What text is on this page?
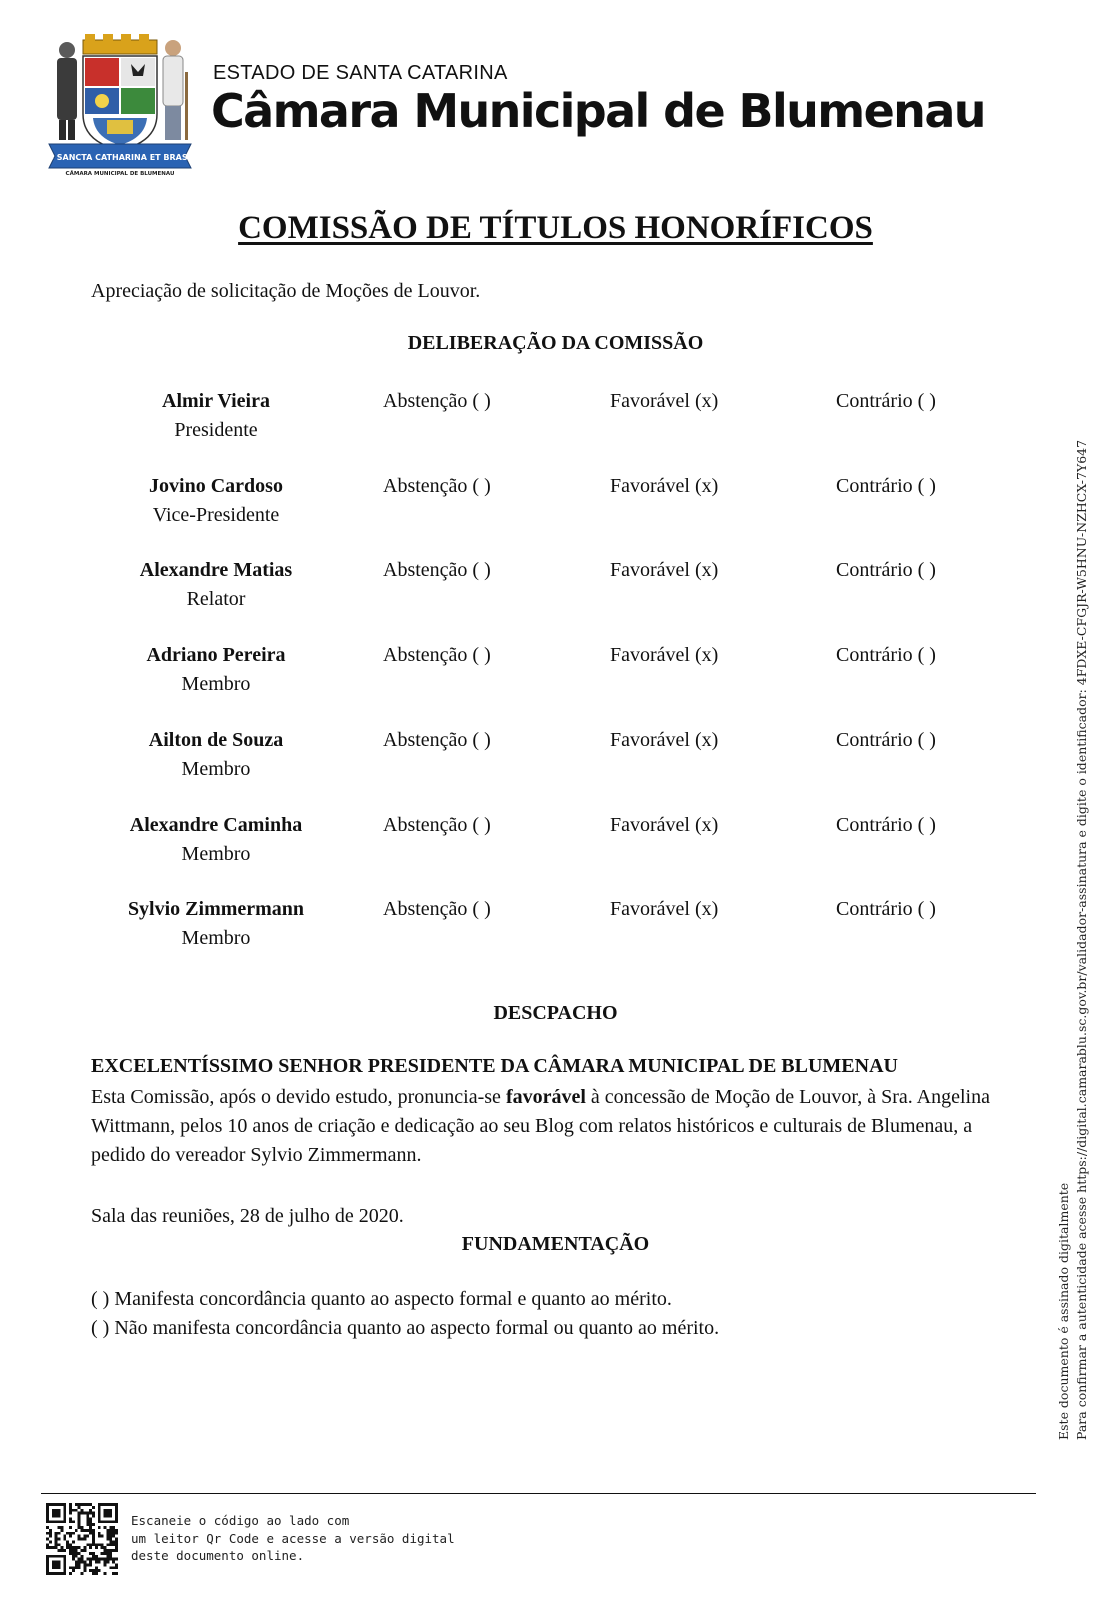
PRO SANCTA CATHARINA ET BRASILIA
CÂMARA MUNICIPAL DE BLUMENAU
ESTADO DE SANTA CATARINA
Câmara Municipal de Blumenau
COMISSÃO DE TÍTULOS HONORÍFICOS
Apreciação de solicitação de Moções de Louvor.
DELIBERAÇÃO DA COMISSÃO
Almir Vieira
Presidente
Abstenção ( )	Favorável (x)	Contrário ( )
Jovino Cardoso
Vice-Presidente
Abstenção ( )	Favorável (x)	Contrário ( )
Alexandre Matias
Relator
Abstenção ( )	Favorável (x)	Contrário ( )
Adriano Pereira
Membro
Abstenção ( )	Favorável (x)	Contrário ( )
Ailton de Souza
Membro
Abstenção ( )	Favorável (x)	Contrário ( )
Alexandre Caminha
Membro
Abstenção ( )	Favorável (x)	Contrário ( )
Sylvio Zimmermann
Membro
Abstenção ( )	Favorável (x)	Contrário ( )
DESCPACHO
EXCELENTÍSSIMO SENHOR PRESIDENTE DA CÂMARA MUNICIPAL DE BLUMENAU
Esta Comissão, após o devido estudo, pronuncia-se favorável à concessão de Moção de Louvor, à Sra. Angelina Wittmann, pelos 10 anos de criação e dedicação ao seu Blog com relatos históricos e culturais de Blumenau, a pedido do vereador Sylvio Zimmermann.
Sala das reuniões, 28 de julho de 2020.
FUNDAMENTAÇÃO
( ) Manifesta concordância quanto ao aspecto formal e quanto ao mérito.
( ) Não manifesta concordância quanto ao aspecto formal ou quanto ao mérito.	Este documento é assinado digitalmente Para confirmar a autenticidade acesse https://digital.camarablu.sc.gov.br/validador-assinatura e digite o identificador: 4FDXE-CFGJR-W5HNU-NZHCX-7Y647
Escaneie o código ao lado com
um leitor Qr Code e acesse a versão digital
deste documento online.
